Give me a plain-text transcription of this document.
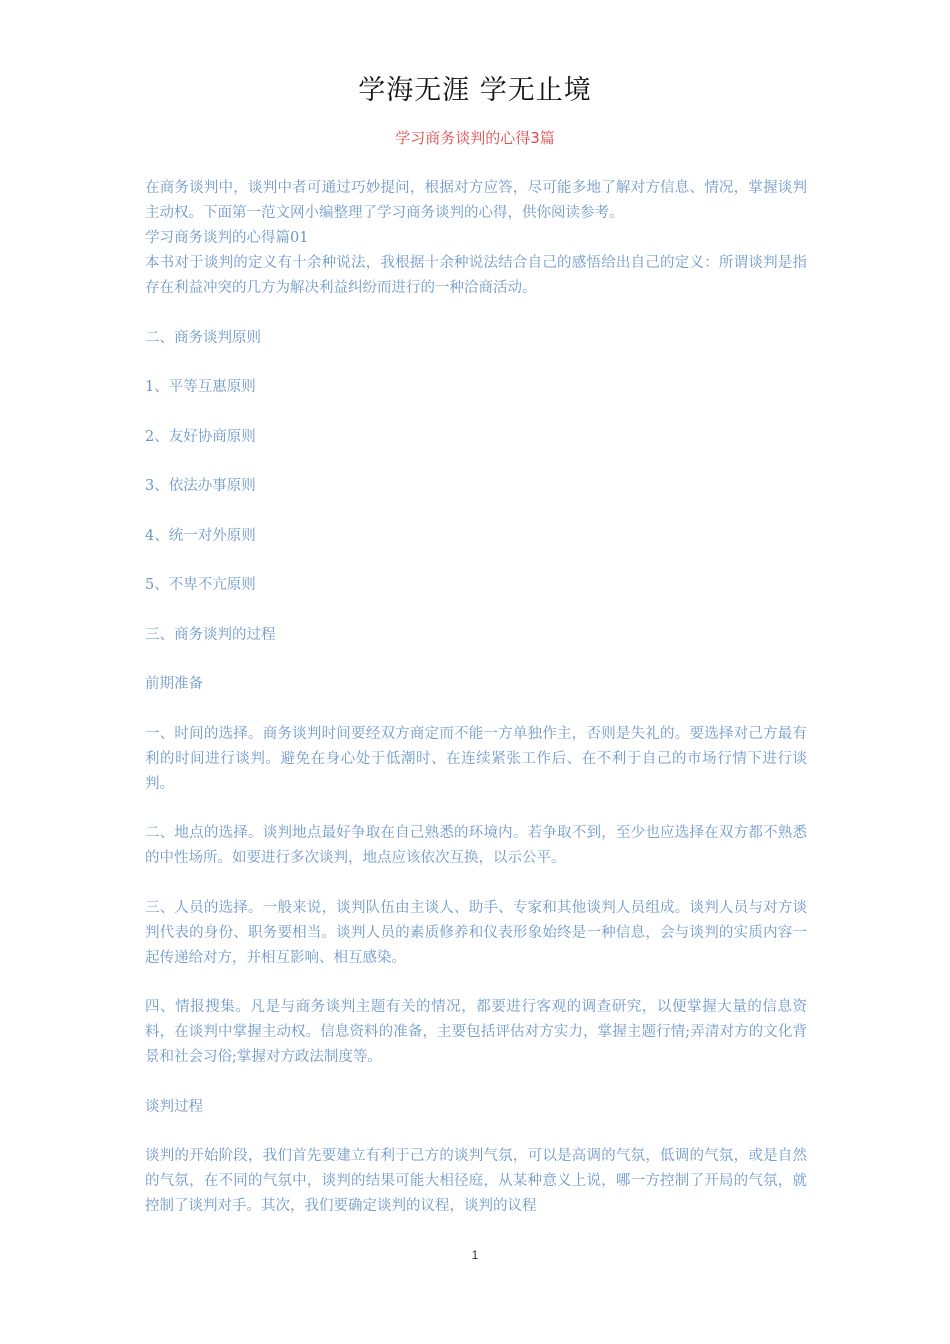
学海无涯 学无止境
学习商务谈判的心得3篇

在商务谈判中，谈判中者可通过巧妙提问，根据对方应答，尽可能多地了解对方信息、情况，掌握谈判主动权。下面第一范文网小编整理了学习商务谈判的心得，供你阅读参考。

学习商务谈判的心得篇01

本书对于谈判的定义有十余种说法，我根据十余种说法结合自己的感悟给出自己的定义：所谓谈判是指存在利益冲突的几方为解决利益纠纷而进行的一种洽商活动。

二、商务谈判原则

1、平等互惠原则

2、友好协商原则

3、依法办事原则

4、统一对外原则

5、不卑不亢原则

三、商务谈判的过程

前期准备

一、时间的选择。商务谈判时间要经双方商定而不能一方单独作主，否则是失礼的。要选择对己方最有利的时间进行谈判。避免在身心处于低潮时、在连续紧张工作后、在不利于自己的市场行情下进行谈判。

二、地点的选择。谈判地点最好争取在自己熟悉的环境内。若争取不到，至少也应选择在双方都不熟悉的中性场所。如要进行多次谈判，地点应该依次互换，以示公平。

三、人员的选择。一般来说，谈判队伍由主谈人、助手、专家和其他谈判人员组成。谈判人员与对方谈判代表的身份、职务要相当。谈判人员的素质修养和仪表形象始终是一种信息，会与谈判的实质内容一起传递给对方，并相互影响、相互感染。

四、情报搜集。凡是与商务谈判主题有关的情况，都要进行客观的调查研究，以便掌握大量的信息资料，在谈判中掌握主动权。信息资料的准备，主要包括评估对方实力，掌握主题行情;弄清对方的文化背景和社会习俗;掌握对方政法制度等。

谈判过程

谈判的开始阶段，我们首先要建立有利于己方的谈判气氛，可以是高调的气氛，低调的气氛，或是自然的气氛，在不同的气氛中，谈判的结果可能大相径庭，从某种意义上说，哪一方控制了开局的气氛，就控制了谈判对手。其次，我们要确定谈判的议程，谈判的议程

1
